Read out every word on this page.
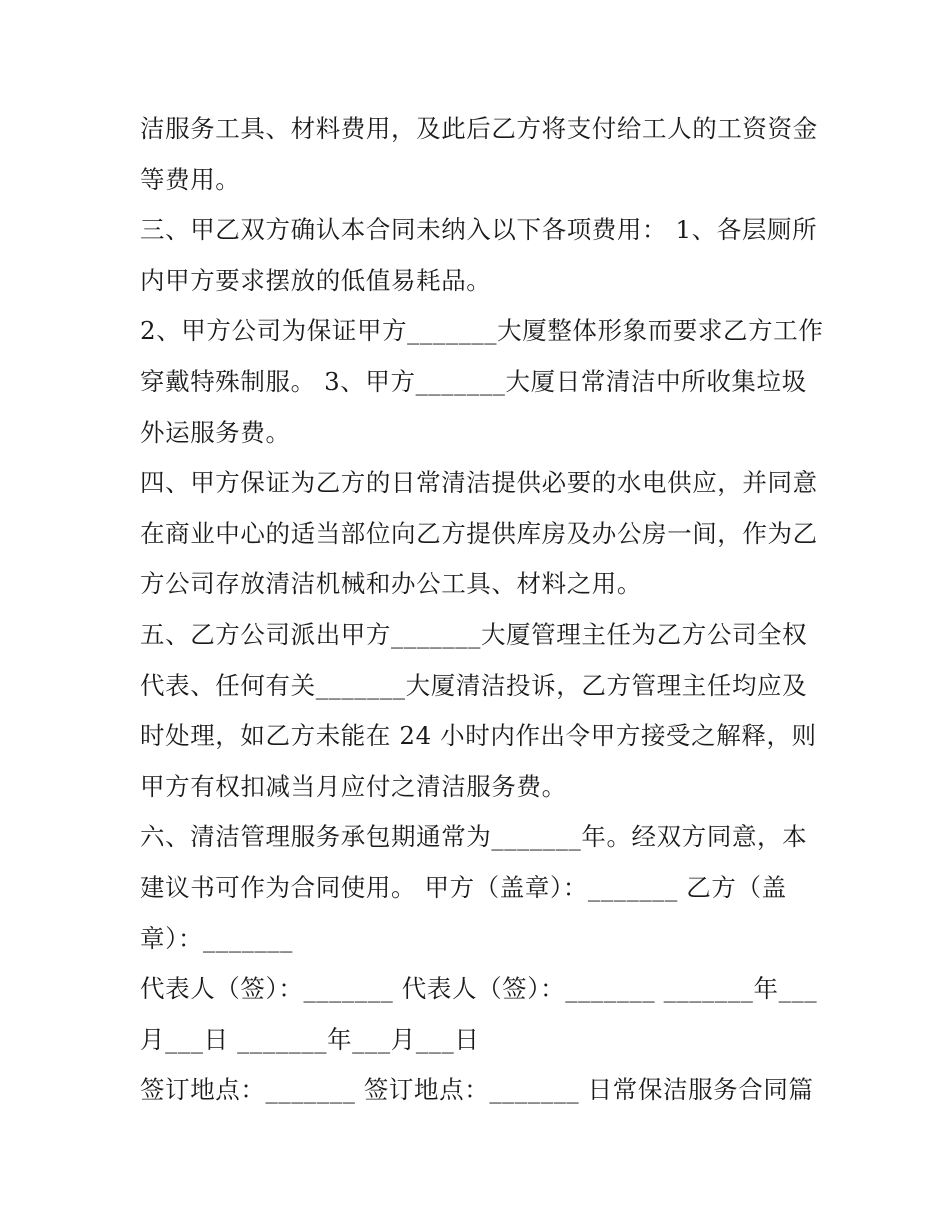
洁服务工具、材料费用，及此后乙方将支付给工人的工资资金
等费用。
三、甲乙双方确认本合同未纳入以下各项费用： 1、各层厕所
内甲方要求摆放的低值易耗品。
2、甲方公司为保证甲方_______大厦整体形象而要求乙方工作
穿戴特殊制服。 3、甲方_______大厦日常清洁中所收集垃圾
外运服务费。
四、甲方保证为乙方的日常清洁提供必要的水电供应，并同意
在商业中心的适当部位向乙方提供库房及办公房一间，作为乙
方公司存放清洁机械和办公工具、材料之用。
五、乙方公司派出甲方_______大厦管理主任为乙方公司全权
代表、任何有关_______大厦清洁投诉，乙方管理主任均应及
时处理，如乙方未能在 24 小时内作出令甲方接受之解释，则
甲方有权扣减当月应付之清洁服务费。
六、清洁管理服务承包期通常为_______年。经双方同意，本
建议书可作为合同使用。 甲方（盖章）：_______ 乙方（盖
章）：_______
代表人（签）：_______ 代表人（签）：_______ _______年___
月___日 _______年___月___日
签订地点：_______ 签订地点：_______ 日常保洁服务合同篇
